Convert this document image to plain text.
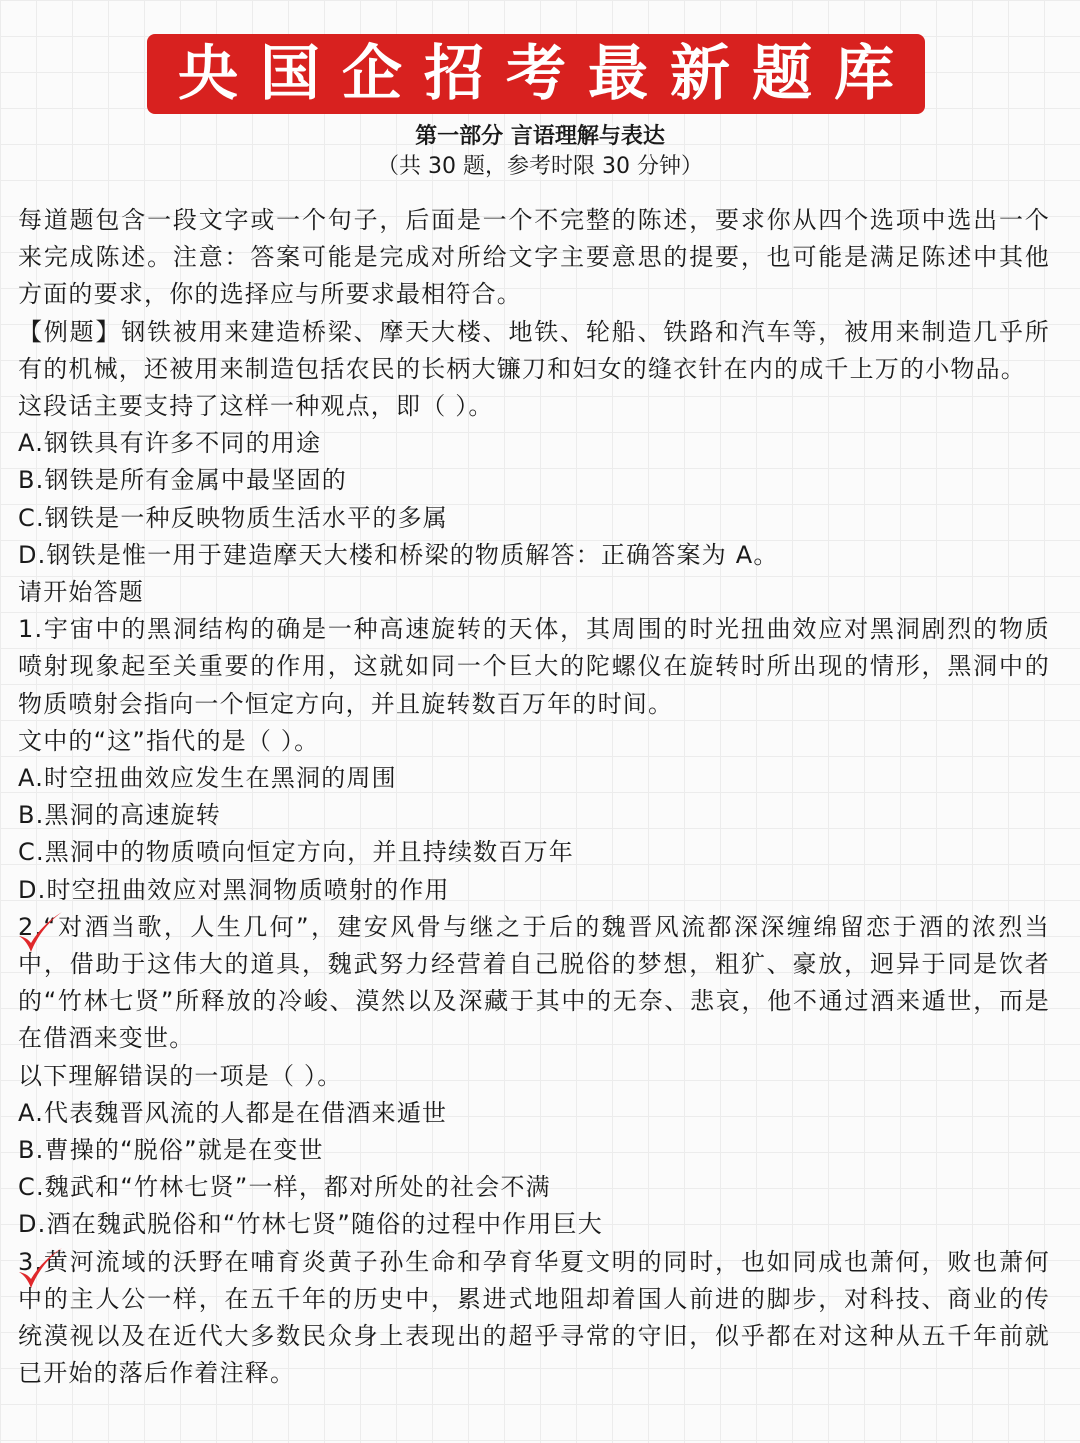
央国企招考最新题库
第一部分 言语理解与表达
（共 30 题，参考时限 30 分钟）

每道题包含一段文字或一个句子，后面是一个不完整的陈述，要求你从四个选项中选出一个来完成陈述。注意：答案可能是完成对所给文字主要意思的提要，也可能是满足陈述中其他方面的要求，你的选择应与所要求最相符合。

【例题】钢铁被用来建造桥梁、摩天大楼、地铁、轮船、铁路和汽车等，被用来制造几乎所有的机械，还被用来制造包括农民的长柄大镰刀和妇女的缝衣针在内的成千上万的小物品。

这段话主要支持了这样一种观点，即（ ）。

A.钢铁具有许多不同的用途

B.钢铁是所有金属中最坚固的

C.钢铁是一种反映物质生活水平的多属

D.钢铁是惟一用于建造摩天大楼和桥梁的物质解答：正确答案为 A。

请开始答题

1.宇宙中的黑洞结构的确是一种高速旋转的天体，其周围的时光扭曲效应对黑洞剧烈的物质喷射现象起至关重要的作用，这就如同一个巨大的陀螺仪在旋转时所出现的情形，黑洞中的物质喷射会指向一个恒定方向，并且旋转数百万年的时间。

文中的“这”指代的是（ ）。

A.时空扭曲效应发生在黑洞的周围

B.黑洞的高速旋转

C.黑洞中的物质喷向恒定方向，并且持续数百万年

D.时空扭曲效应对黑洞物质喷射的作用

2.“对酒当歌，人生几何”，建安风骨与继之于后的魏晋风流都深深缠绵留恋于酒的浓烈当中，借助于这伟大的道具，魏武努力经营着自己脱俗的梦想，粗犷、豪放，迥异于同是饮者的“竹林七贤”所释放的冷峻、漠然以及深藏于其中的无奈、悲哀，他不通过酒来遁世，而是在借酒来变世。

以下理解错误的一项是（ ）。

A.代表魏晋风流的人都是在借酒来遁世

B.曹操的“脱俗”就是在变世

C.魏武和“竹林七贤”一样，都对所处的社会不满

D.酒在魏武脱俗和“竹林七贤”随俗的过程中作用巨大

3.黄河流域的沃野在哺育炎黄子孙生命和孕育华夏文明的同时，也如同成也萧何，败也萧何中的主人公一样，在五千年的历史中，累进式地阻却着国人前进的脚步，对科技、商业的传统漠视以及在近代大多数民众身上表现出的超乎寻常的守旧，似乎都在对这种从五千年前就已开始的落后作着注释。
